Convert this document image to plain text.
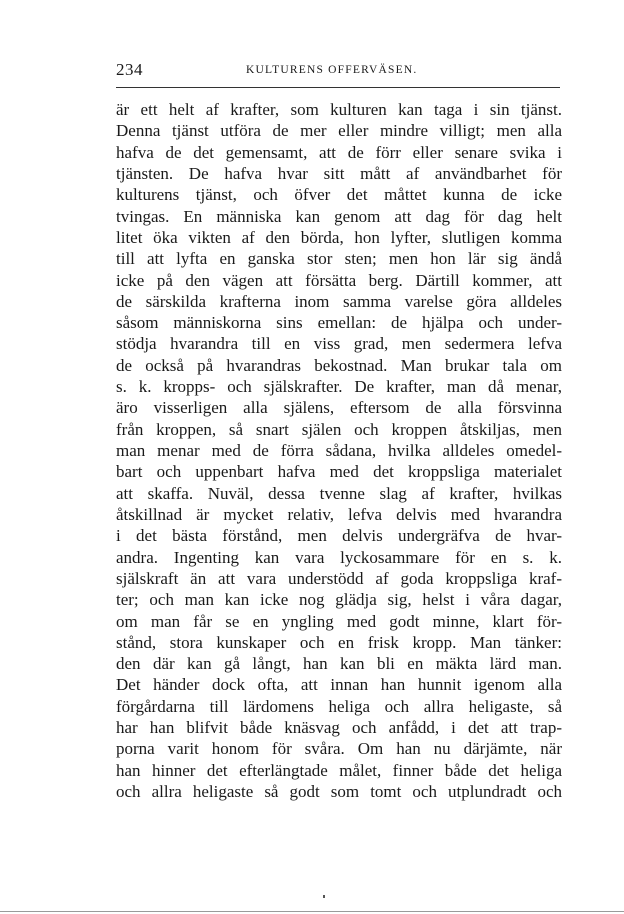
234	KULTURENS OFFERVÄSEN.
är ett helt af krafter, som kulturen kan taga i sin tjänst.
Denna tjänst utföra de mer eller mindre villigt; men alla
hafva de det gemensamt, att de förr eller senare svika i
tjänsten. De hafva hvar sitt mått af användbarhet för
kulturens tjänst, och öfver det måttet kunna de icke
tvingas. En människa kan genom att dag för dag helt
litet öka vikten af den börda, hon lyfter, slutligen komma
till att lyfta en ganska stor sten; men hon lär sig ändå
icke på den vägen att försätta berg. Därtill kommer, att
de särskilda krafterna inom samma varelse göra alldeles
såsom människorna sins emellan: de hjälpa och under-
stödja hvarandra till en viss grad, men sedermera lefva
de också på hvarandras bekostnad. Man brukar tala om
s. k. kropps- och själskrafter. De krafter, man då menar,
äro visserligen alla själens, eftersom de alla försvinna
från kroppen, så snart själen och kroppen åtskiljas, men
man menar med de förra sådana, hvilka alldeles omedel-
bart och uppenbart hafva med det kroppsliga materialet
att skaffa. Nuväl, dessa tvenne slag af krafter, hvilkas
åtskillnad är mycket relativ, lefva delvis med hvarandra
i det bästa förstånd, men delvis undergräfva de hvar-
andra. Ingenting kan vara lyckosammare för en s. k.
själskraft än att vara understödd af goda kroppsliga kraf-
ter; och man kan icke nog glädja sig, helst i våra dagar,
om man får se en yngling med godt minne, klart för-
stånd, stora kunskaper och en frisk kropp. Man tänker:
den där kan gå långt, han kan bli en mäkta lärd man.
Det händer dock ofta, att innan han hunnit igenom alla
förgårdarna till lärdomens heliga och allra heligaste, så
har han blifvit både knäsvag och anfådd, i det att trap-
porna varit honom för svåra. Om han nu därjämte, när
han hinner det efterlängtade målet, finner både det heliga
och allra heligaste så godt som tomt och utplundradt och
